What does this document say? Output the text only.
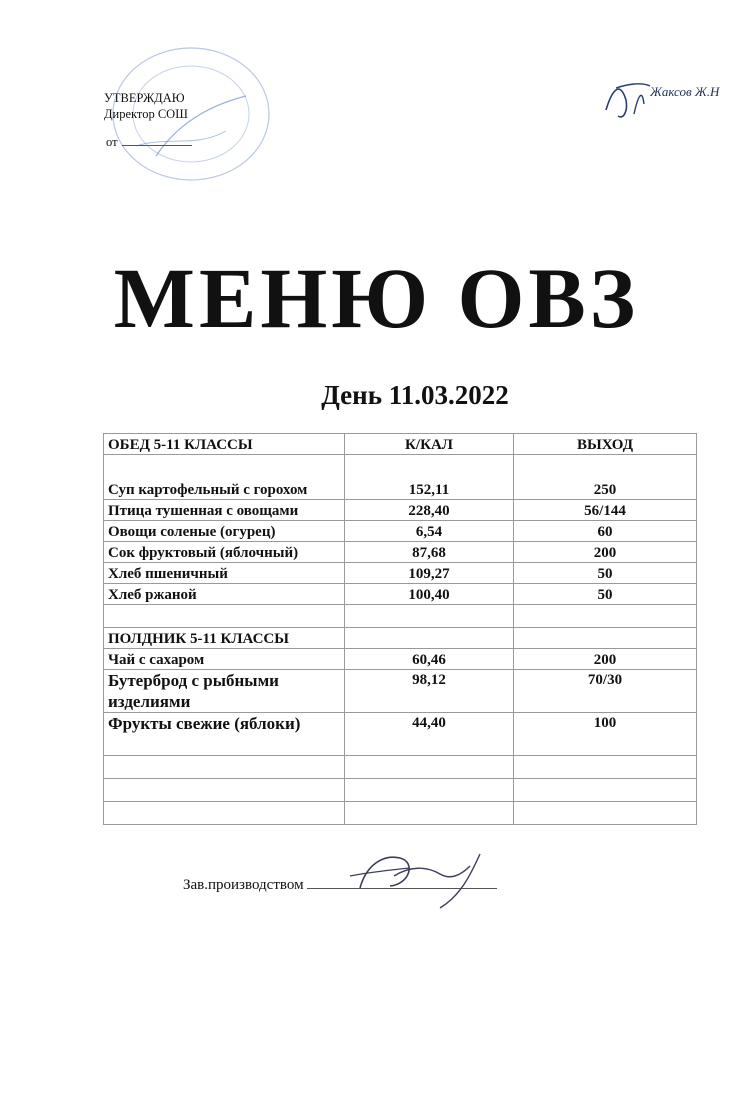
УТВЕРЖДАЮ
Директор СОШ
от
Жаксов Ж.Н
МЕНЮ ОВЗ
День 11.03.2022
ОБЕД 5-11 КЛАССЫ	К/КАЛ	ВЫХОД
Суп картофельный с горохом	152,11	250
Птица тушенная с овощами	228,40	56/144
Овощи соленые (огурец)	6,54	60
Сок фруктовый (яблочный)	87,68	200
Хлеб пшеничный	109,27	50
Хлеб ржаной	100,40	50

ПОЛДНИК 5-11 КЛАССЫ		
Чай с сахаром	60,46	200
Бутерброд с рыбными изделиями	98,12	70/30
Фрукты свежие (яблоки)	44,40	100

Зав.производством
